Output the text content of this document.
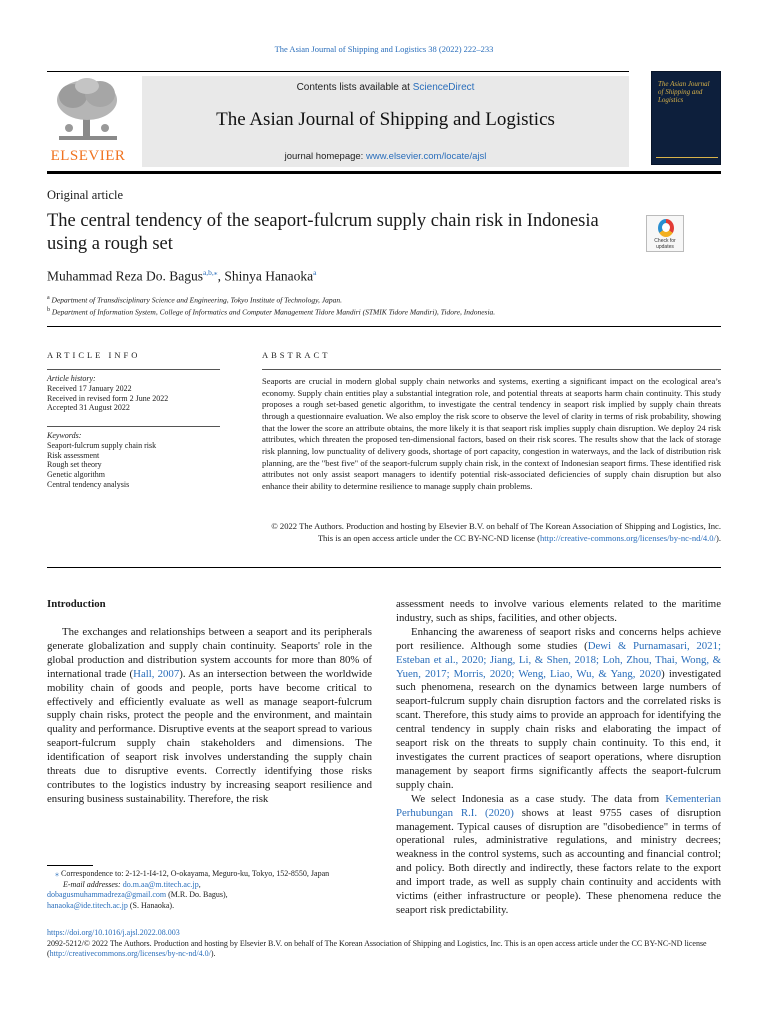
The Asian Journal of Shipping and Logistics 38 (2022) 222–233
ELSEVIER
Contents lists available at ScienceDirect
The Asian Journal of Shipping and Logistics
journal homepage: www.elsevier.com/locate/ajsl
The Asian Journal of Shipping and Logistics
Original article
The central tendency of the seaport-fulcrum supply chain risk in Indonesia using a rough set	Check for updates
Muhammad Reza Do. Bagus$^{a,b,⁎}$, Shinya Hanaoka$^a$
$^a$ Department of Transdisciplinary Science and Engineering, Tokyo Institute of Technology, Japan.
$^b$ Department of Information System, College of Informatics and Computer Management Tidore Mandiri (STMIK Tidore Mandiri), Tidore, Indonesia.
ARTICLE INFO
Article history:
Received 17 January 2022
Received in revised form 2 June 2022
Accepted 31 August 2022
Keywords:
Seaport-fulcrum supply chain risk
Risk assessment
Rough set theory
Genetic algorithm
Central tendency analysis
ABSTRACT
Seaports are crucial in modern global supply chain networks and systems, exerting a significant impact on the ecological area’s economy. Supply chain entities play a substantial integration role, and potential threats at seaports harm chain continuity. This study proposes a rough set-based genetic algorithm, to investigate the central tendency in seaport risk implied by supply chain threats through a questionnaire evaluation. We also employ the risk score to observe the level of clarity in terms of risk probability, showing that the lower the score an attribute obtains, the more likely it is that seaport risk implies supply chain disruption. We deploy 24 risk attributes, which threaten the proposed ten-dimensional factors, based on their risk scores. The results show that the lack of storage risk planning, low punctuality of delivery goods, shortage of port capacity, congestion in waterways, and the lack of distribution risk planning, are the "best five" of the seaport-fulcrum supply chain risk, in the context of Indonesian seaport firms. These identified risk attributes not only assist seaport managers to identify potential risk-associated deficiencies of supply chain disruption but also enhance their ability to determine resilience to manage supply chain problems.
© 2022 The Authors. Production and hosting by Elsevier B.V. on behalf of The Korean Association of Shipping and Logistics, Inc. This is an open access article under the CC BY-NC-ND license (http://creative-commons.org/licenses/by-nc-nd/4.0/).
Introduction

The exchanges and relationships between a seaport and its peripherals generate globalization and supply chain continuity. Seaports' role in the global production and distribution system accounts for more than 80% of international trade (Hall, 2007). As an intersection between the worldwide mobility chain of goods and people, ports have become critical to effectively and efficiently evaluate as well as manage seaport-fulcrum supply chain risks, protect the people and the environment, and maintain quality and performance. Disruptive events at the seaport spread to various seaport-fulcrum supply chain stakeholders and dimensions. The identification of seaport risk involves understanding the supply chain threats due to disruptive events. Correctly identifying those risks contributes to the logistics industry by increasing seaport resilience and ensuring business sustainability. Therefore, the risk

assessment needs to involve various elements related to the maritime industry, such as ships, facilities, and other objects.

Enhancing the awareness of seaport risks and concerns helps achieve port resilience. Although some studies (Dewi & Purnamasari, 2021; Esteban et al., 2020; Jiang, Li, & Shen, 2018; Loh, Zhou, Thai, Wong, & Yuen, 2017; Morris, 2020; Weng, Liao, Wu, & Yang, 2020) investigated such phenomena, research on the dynamics between large numbers of seaport-fulcrum supply chain disruption factors and the correlated risks is scant. Therefore, this study aims to provide an approach for identifying the central tendency in supply chain risks and elaborating the impact of seaport risk on the threats to supply chain continuity. To this end, it investigates the current practices of seaport operations, where disruption management by seaport firms significantly affects the seaport-fulcrum supply chain.

We select Indonesia as a case study. The data from Kementerian Perhubungan R.I. (2020) shows at least 9755 cases of disruption management. Typical causes of disruption are "disobedience" in terms of operational rules, administrative regulations, and ministry decrees; weakness in the control systems, such as accounting and financial control; and policy. Both directly and indirectly, these factors relate to the export and import trade, as well as supply chain continuity and accidents with victims (either infrastructure or people). These phenomena reduce the seaport risk predictability.

⁎ Correspondence to: 2-12-1-I4-12, O-okayama, Meguro-ku, Tokyo, 152-8550, Japan
E-mail addresses: do.m.aa@m.titech.ac.jp,
dobagusmuhammadreza@gmail.com (M.R. Do. Bagus),
hanaoka@ide.titech.ac.jp (S. Hanaoka).
https://doi.org/10.1016/j.ajsl.2022.08.003
2092-5212/© 2022 The Authors. Production and hosting by Elsevier B.V. on behalf of The Korean Association of Shipping and Logistics, Inc. This is an open access article under the CC BY-NC-ND license (http://creativecommons.org/licenses/by-nc-nd/4.0/).
